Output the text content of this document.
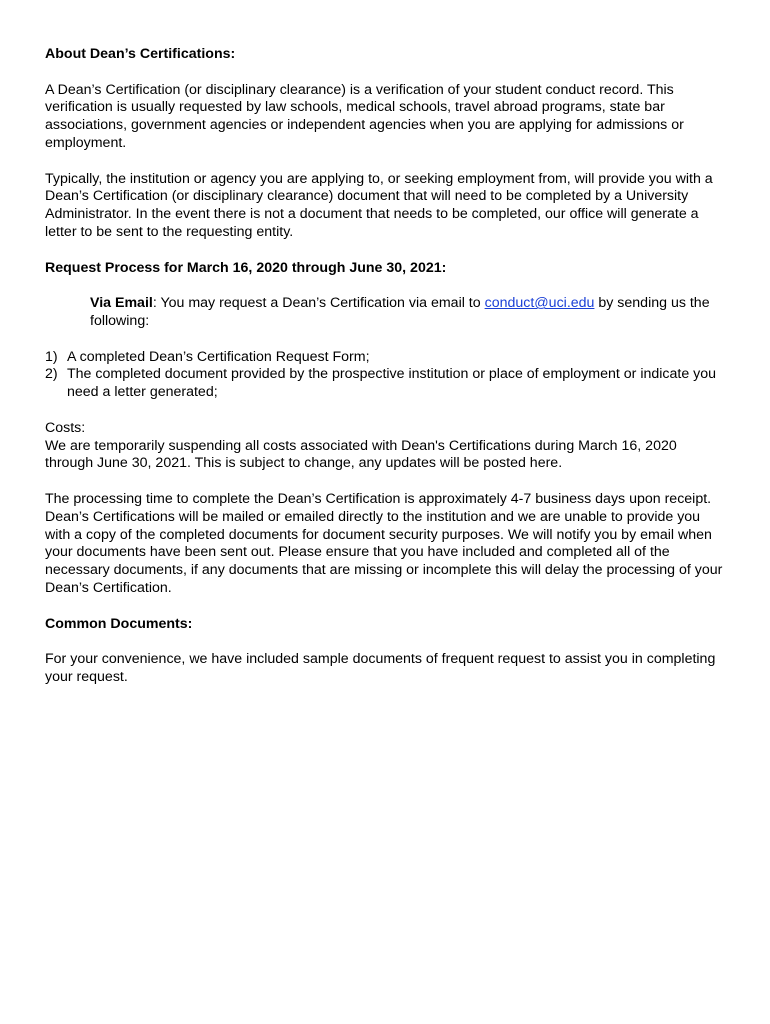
About Dean’s Certifications:

A Dean’s Certification (or disciplinary clearance) is a verification of your student conduct record. This verification is usually requested by law schools, medical schools, travel abroad programs, state bar associations, government agencies or independent agencies when you are applying for admissions or employment.

Typically, the institution or agency you are applying to, or seeking employment from, will provide you with a Dean’s Certification (or disciplinary clearance) document that will need to be completed by a University Administrator. In the event there is not a document that needs to be completed, our office will generate a letter to be sent to the requesting entity.

Request Process for March 16, 2020 through June 30, 2021:

Via Email: You may request a Dean’s Certification via email to conduct@uci.edu by sending us the following:

1) A completed Dean’s Certification Request Form;
2) The completed document provided by the prospective institution or place of employment or indicate you need a letter generated;

Costs:

We are temporarily suspending all costs associated with Dean's Certifications during March 16, 2020 through June 30, 2021. This is subject to change, any updates will be posted here.

The processing time to complete the Dean’s Certification is approximately 4-7 business days upon receipt. Dean’s Certifications will be mailed or emailed directly to the institution and we are unable to provide you with a copy of the completed documents for document security purposes. We will notify you by email when your documents have been sent out. Please ensure that you have included and completed all of the necessary documents, if any documents that are missing or incomplete this will delay the processing of your Dean’s Certification.

Common Documents:

For your convenience, we have included sample documents of frequent request to assist you in completing your request.
